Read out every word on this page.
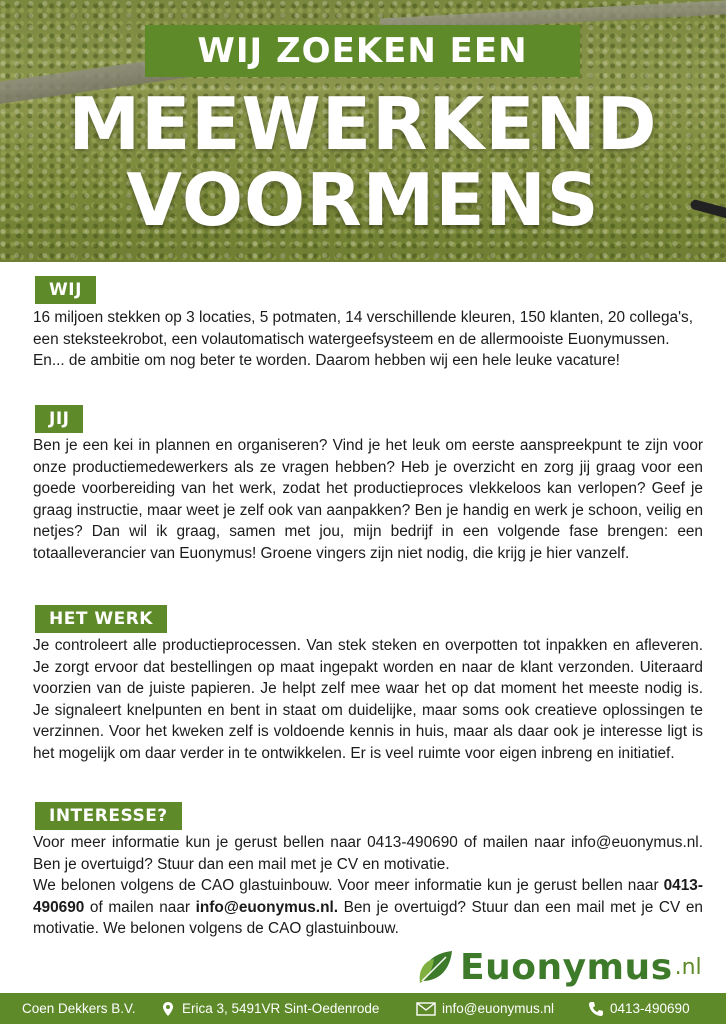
WIJ ZOEKEN EEN
MEEWERKEND
VOORMENS
WIJ
16 miljoen stekken op 3 locaties, 5 potmaten, 14 verschillende kleuren, 150 klanten, 20 collega's, een steksteekrobot, een volautomatisch watergeefsysteem en de allermooiste Euonymussen. En... de ambitie om nog beter te worden. Daarom hebben wij een hele leuke vacature!
JIJ
Ben je een kei in plannen en organiseren? Vind je het leuk om eerste aanspreekpunt te zijn voor onze productiemedewerkers als ze vragen hebben? Heb je overzicht en zorg jij graag voor een goede voorbereiding van het werk, zodat het productieproces vlekkeloos kan verlopen? Geef je graag instructie, maar weet je zelf ook van aanpakken? Ben je handig en werk je schoon, veilig en netjes? Dan wil ik graag, samen met jou, mijn bedrijf in een volgende fase brengen: een totaalleverancier van Euonymus! Groene vingers zijn niet nodig, die krijg je hier vanzelf.
HET WERK
Je controleert alle productieprocessen. Van stek steken en overpotten tot inpakken en afleveren. Je zorgt ervoor dat bestellingen op maat ingepakt worden en naar de klant verzonden. Uiteraard voorzien van de juiste papieren. Je helpt zelf mee waar het op dat moment het meeste nodig is. Je signaleert knelpunten en bent in staat om duidelijke, maar soms ook creatieve oplossingen te verzinnen. Voor het kweken zelf is voldoende kennis in huis, maar als daar ook je interesse ligt is het mogelijk om daar verder in te ontwikkelen. Er is veel ruimte voor eigen inbreng en initiatief.
INTERESSE?
Voor meer informatie kun je gerust bellen naar 0413-490690 of mailen naar info@euonymus.nl. Ben je overtuigd? Stuur dan een mail met je CV en motivatie.
We belonen volgens de CAO glastuinbouw. Voor meer informatie kun je gerust bellen naar 0413-490690 of mailen naar info@euonymus.nl. Ben je overtuigd? Stuur dan een mail met je CV en motivatie. We belonen volgens de CAO glastuinbouw.
Euonymus .nl
Coen Dekkers B.V.	Erica 3, 5491VR Sint-Oedenrode	info@euonymus.nl	0413-490690
